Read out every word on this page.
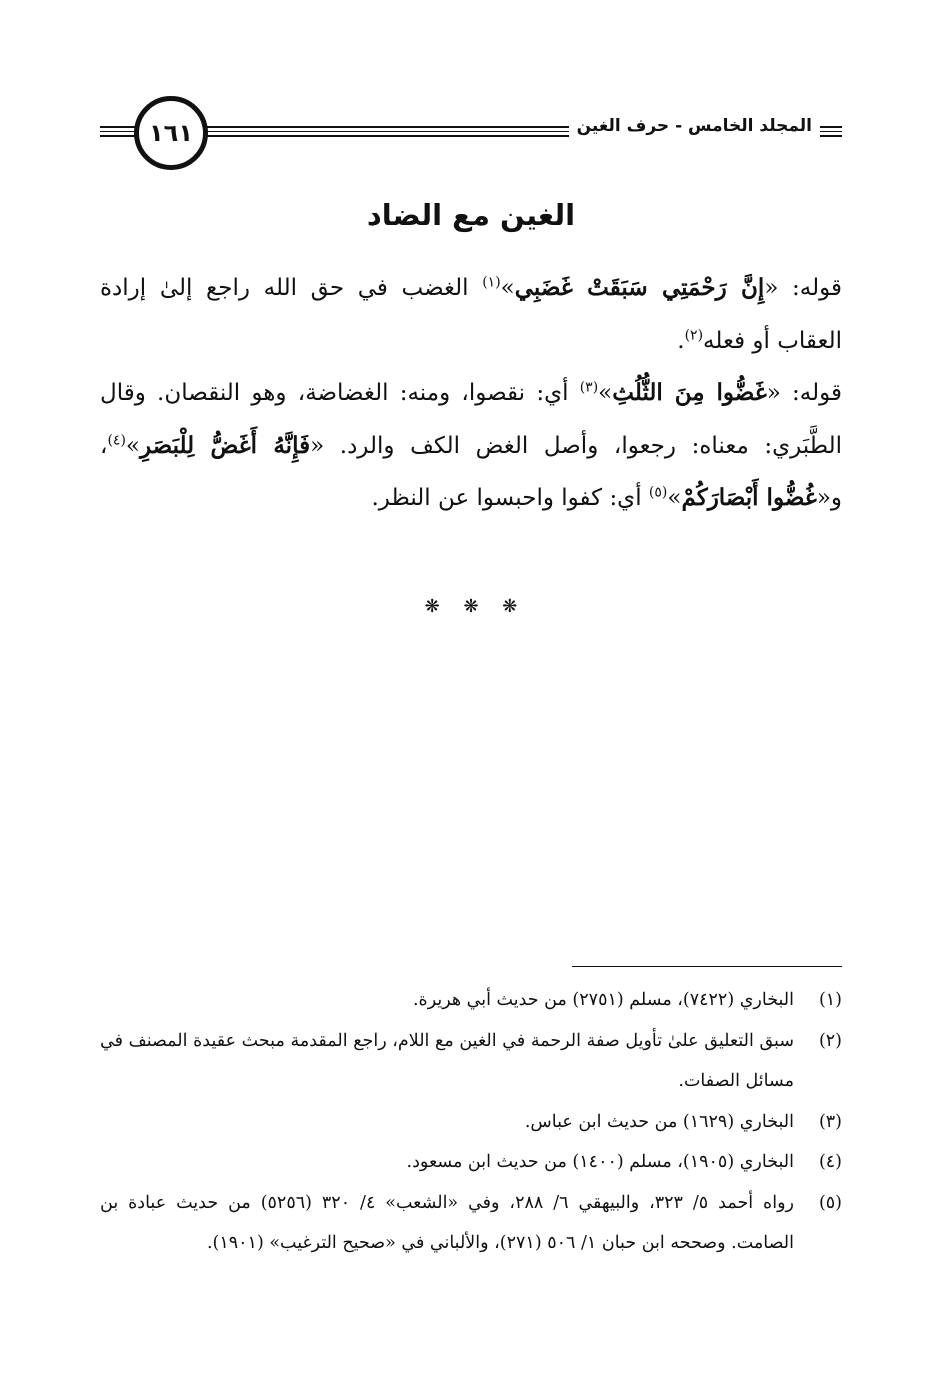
المجلد الخامس - حرف الغين
١٦١
الغين مع الضاد

قوله: «إِنَّ رَحْمَتِي سَبَقَتْ غَضَبِي»$^{(١)}$ الغضب في حق الله راجع إلىٰ إرادة العقاب أو فعله$^{(٢)}$.

قوله: «غَضُّوا مِنَ الثُّلُثِ»$^{(٣)}$ أي: نقصوا، ومنه: الغضاضة، وهو النقصان. وقال الطَّبَري: معناه: رجعوا، وأصل الغض الكف والرد. «فَإِنَّهُ أَغَضُّ لِلْبَصَرِ»$^{(٤)}$، و«غُضُّوا أَبْصَارَكُمْ»$^{(٥)}$ أي: كفوا واحبسوا عن النظر.

❋ ❋ ❋
(١)
البخاري (٧٤٢٢)، مسلم (٢٧٥١) من حديث أبي هريرة.
(٢)
سبق التعليق علىٰ تأويل صفة الرحمة في الغين مع اللام، راجع المقدمة مبحث عقيدة المصنف في مسائل الصفات.
(٣)
البخاري (١٦٢٩) من حديث ابن عباس.
(٤)
البخاري (١٩٠٥)، مسلم (١٤٠٠) من حديث ابن مسعود.
(٥)
رواه أحمد ٥/ ٣٢٣، والبيهقي ٦/ ٢٨٨، وفي «الشعب» ٤/ ٣٢٠ (٥٢٥٦) من حديث عبادة بن الصامت. وصححه ابن حبان ١/ ٥٠٦ (٢٧١)، والألباني في «صحيح الترغيب» (١٩٠١).
